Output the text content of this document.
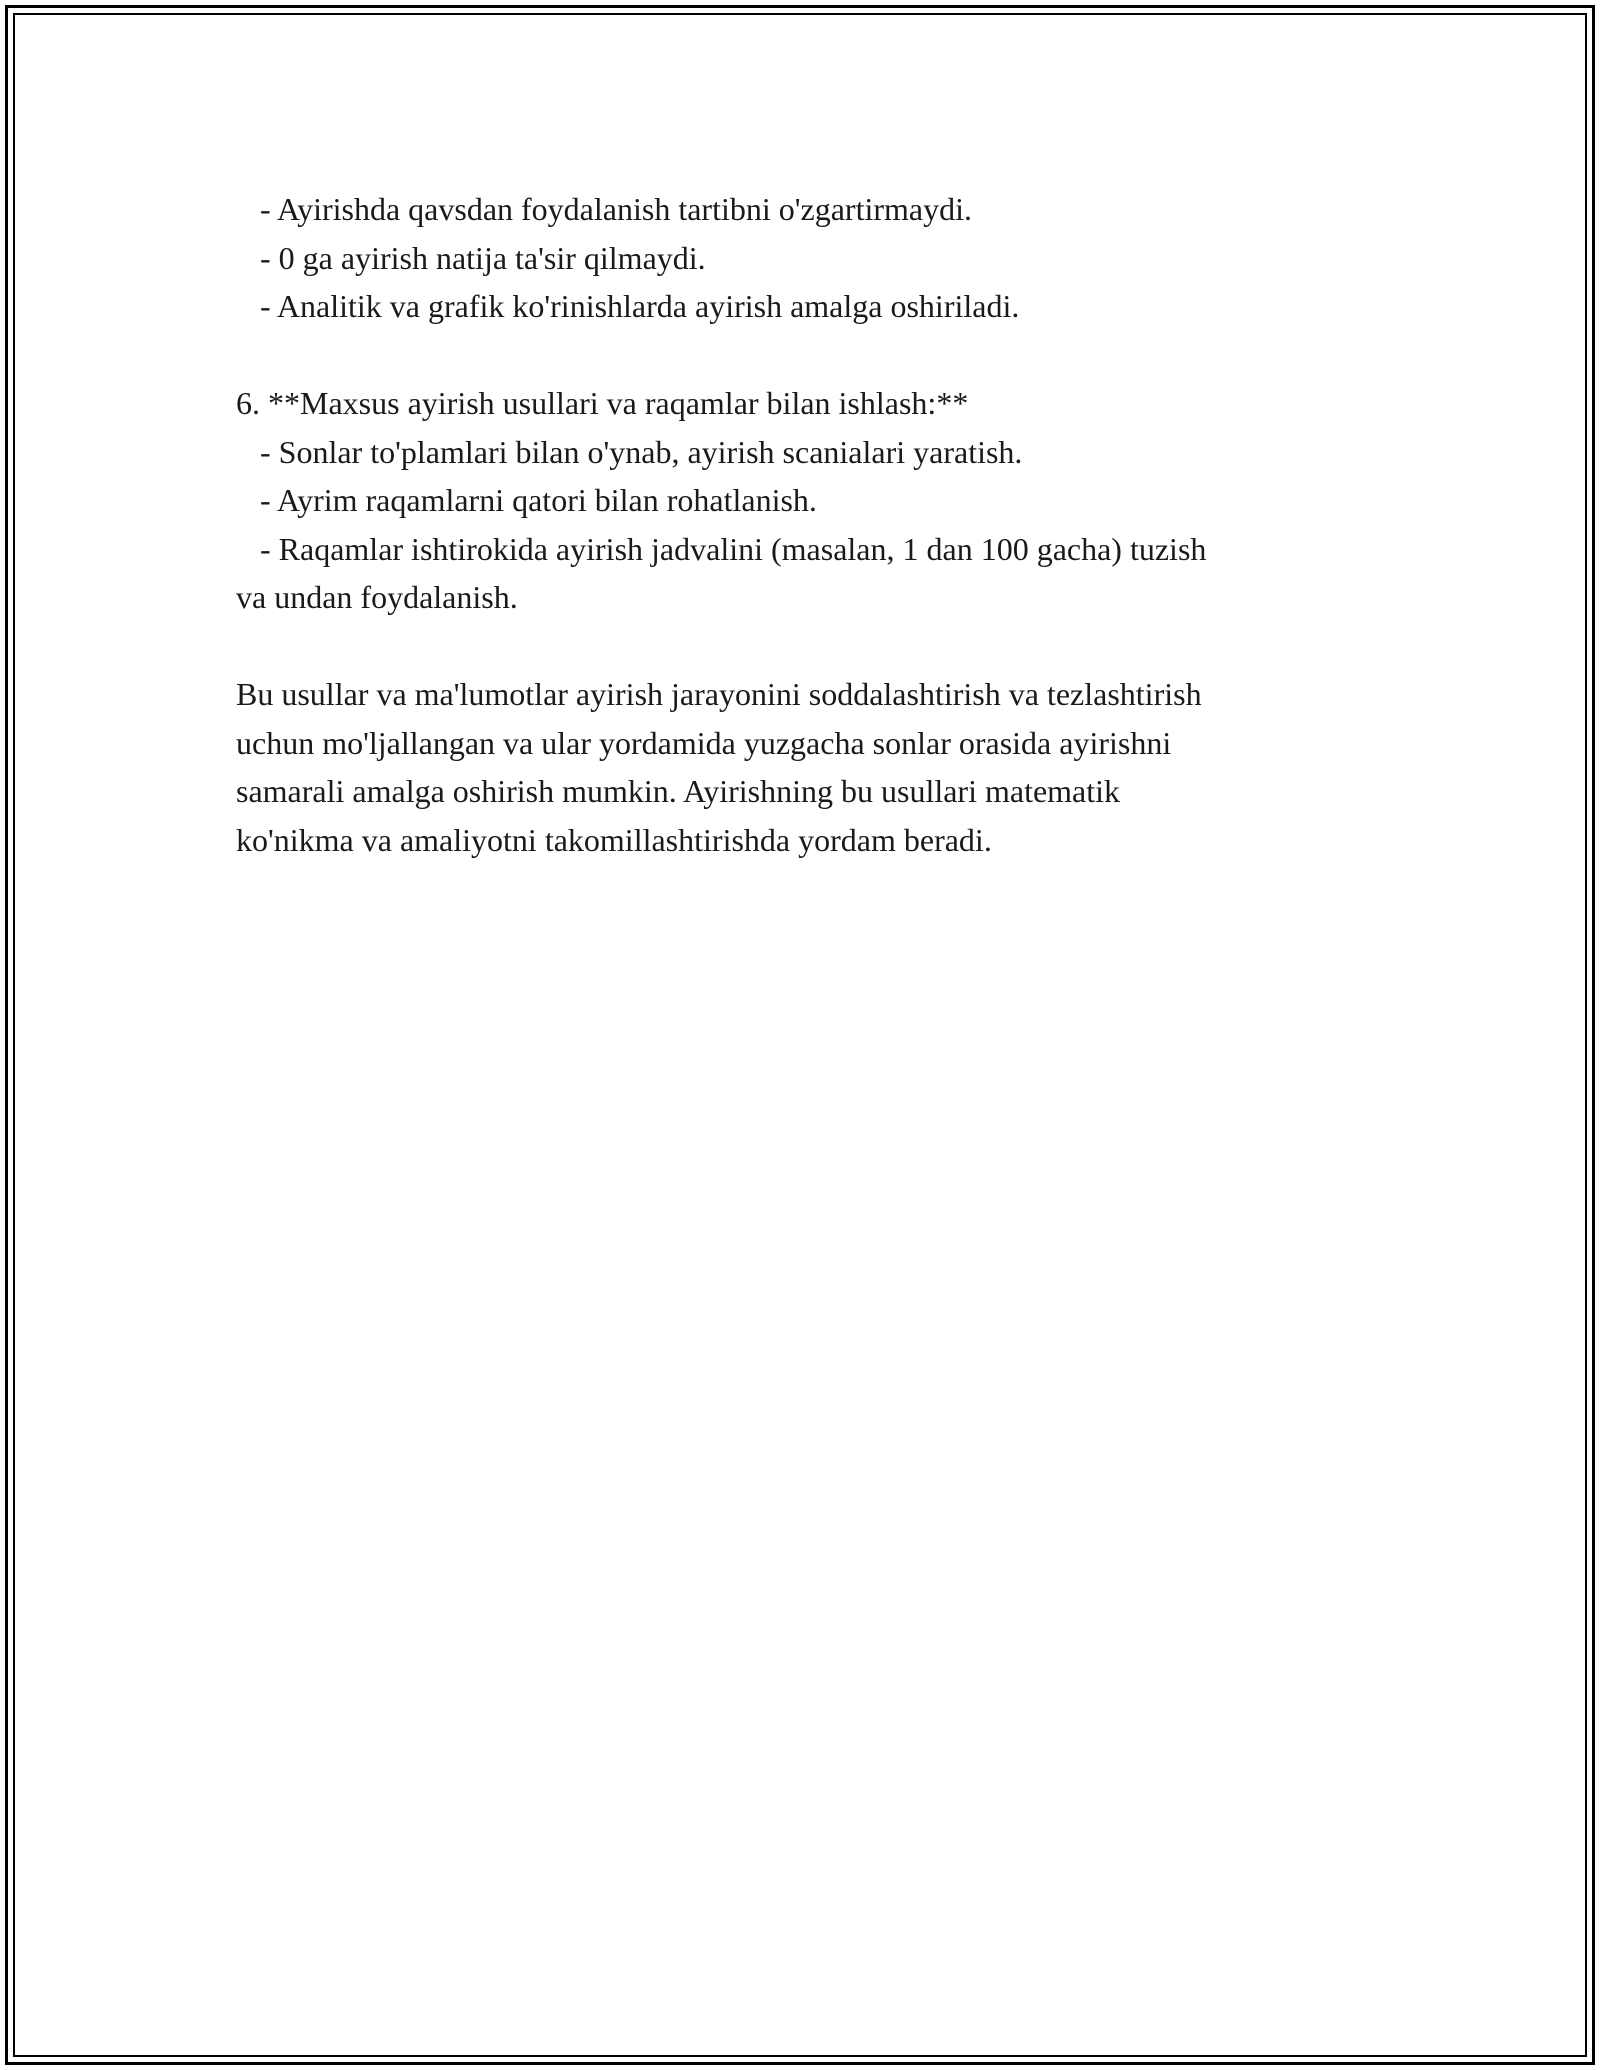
- Ayirishda qavsdan foydalanish tartibni o'zgartirmaydi.

- 0 ga ayirish natija ta'sir qilmaydi.

- Analitik va grafik ko'rinishlarda ayirish amalga oshiriladi.

6. **Maxsus ayirish usullari va raqamlar bilan ishlash:**

- Sonlar to'plamlari bilan o'ynab, ayirish scanialari yaratish.

- Ayrim raqamlarni qatori bilan rohatlanish.

- Raqamlar ishtirokida ayirish jadvalini (masalan, 1 dan 100 gacha) tuzish

va undan foydalanish.

Bu usullar va ma'lumotlar ayirish jarayonini soddalashtirish va tezlashtirish

uchun mo'ljallangan va ular yordamida yuzgacha sonlar orasida ayirishni

samarali amalga oshirish mumkin. Ayirishning bu usullari matematik

ko'nikma va amaliyotni takomillashtirishda yordam beradi.
